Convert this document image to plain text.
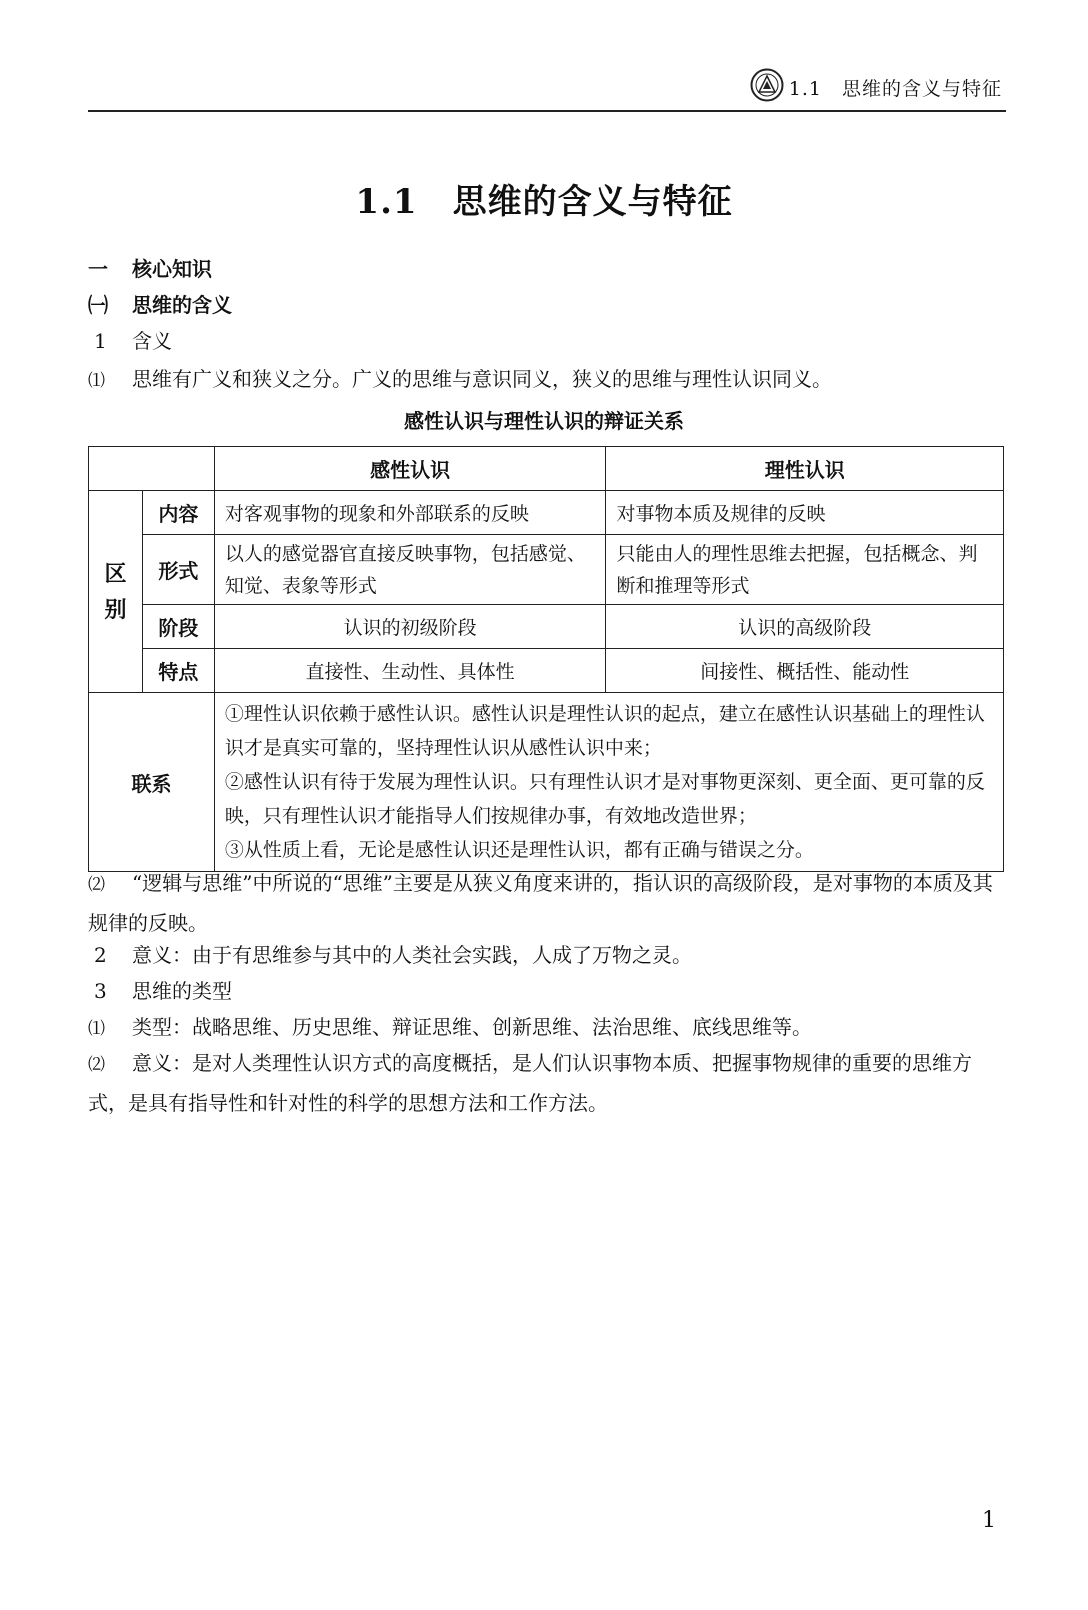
1.1　思维的含义与特征
1.1　思维的含义与特征
一 核心知识
㈠ 思维的含义
1 含义
⑴ 思维有广义和狭义之分。广义的思维与意识同义，狭义的思维与理性认识同义。
感性认识与理性认识的辩证关系
		感性认识	理性认识

区
别	内容	对客观事物的现象和外部联系的反映	对事物本质及规律的反映
	形式	以人的感觉器官直接反映事物，包括感觉、知觉、表象等形式	只能由人的理性思维去把握，包括概念、判断和推理等形式
	阶段	认识的初级阶段	认识的高级阶段
	特点	直接性、生动性、具体性	间接性、概括性、能动性
联系		①理性认识依赖于感性认识。感性认识是理性认识的起点，建立在感性认识基础上的理性认识才是真实可靠的，坚持理性认识从感性认识中来；
②感性认识有待于发展为理性认识。只有理性认识才是对事物更深刻、更全面、更可靠的反映，只有理性认识才能指导人们按规律办事，有效地改造世界；
③从性质上看，无论是感性认识还是理性认识，都有正确与错误之分。	
⑵ “逻辑与思维”中所说的“思维”主要是从狭义角度来讲的，指认识的高级阶段，是对事物的本质及其规律的反映。
2 意义：由于有思维参与其中的人类社会实践，人成了万物之灵。
3 思维的类型
⑴ 类型：战略思维、历史思维、辩证思维、创新思维、法治思维、底线思维等。
⑵ 意义：是对人类理性认识方式的高度概括，是人们认识事物本质、把握事物规律的重要的思维方式，是具有指导性和针对性的科学的思想方法和工作方法。
1
